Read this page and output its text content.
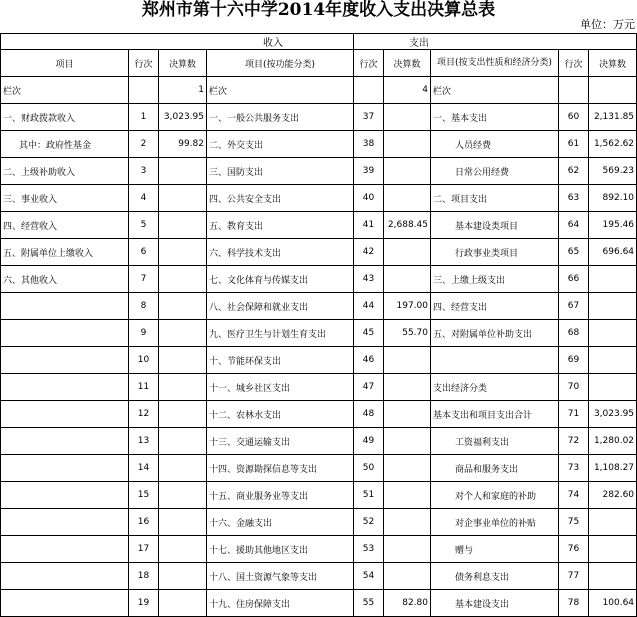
郑州市第十六中学2014年度收入支出决算总表
单位：万元
收入				支出				
项目	行次	决算数	项目(按功能分类)	行次	决算数	项目(按支出性质和经济分类)	行次	决算数
栏次		1	栏次		4	栏次		
一、财政拨款收入	1	3,023.95	一、一般公共服务支出	37		一、基本支出	60	2,131.85
其中：政府性基金	2	99.82	二、外交支出	38		人员经费	61	1,562.62
二、上级补助收入	3		三、国防支出	39		日常公用经费	62	569.23
三、事业收入	4		四、公共安全支出	40		二、项目支出	63	892.10
四、经营收入	5		五、教育支出	41	2,688.45	基本建设类项目	64	195.46
五、附属单位上缴收入	6		六、科学技术支出	42		行政事业类项目	65	696.64
六、其他收入	7		七、文化体育与传媒支出	43		三、上缴上级支出	66	
	8		八、社会保障和就业支出	44	197.00	四、经营支出	67	
	9		九、医疗卫生与计划生育支出	45	55.70	五、对附属单位补助支出	68	
	10		十、节能环保支出	46			69	
	11		十一、城乡社区支出	47		支出经济分类	70	
	12		十二、农林水支出	48		基本支出和项目支出合计	71	3,023.95
	13		十三、交通运输支出	49		工资福利支出	72	1,280.02
	14		十四、资源勘探信息等支出	50		商品和服务支出	73	1,108.27
	15		十五、商业服务业等支出	51		对个人和家庭的补助	74	282.60
	16		十六、金融支出	52		对企事业单位的补贴	75	
	17		十七、援助其他地区支出	53		赠与	76	
	18		十八、国土资源气象等支出	54		债务利息支出	77	
	19		十九、住房保障支出	55	82.80	基本建设支出	78	100.64
